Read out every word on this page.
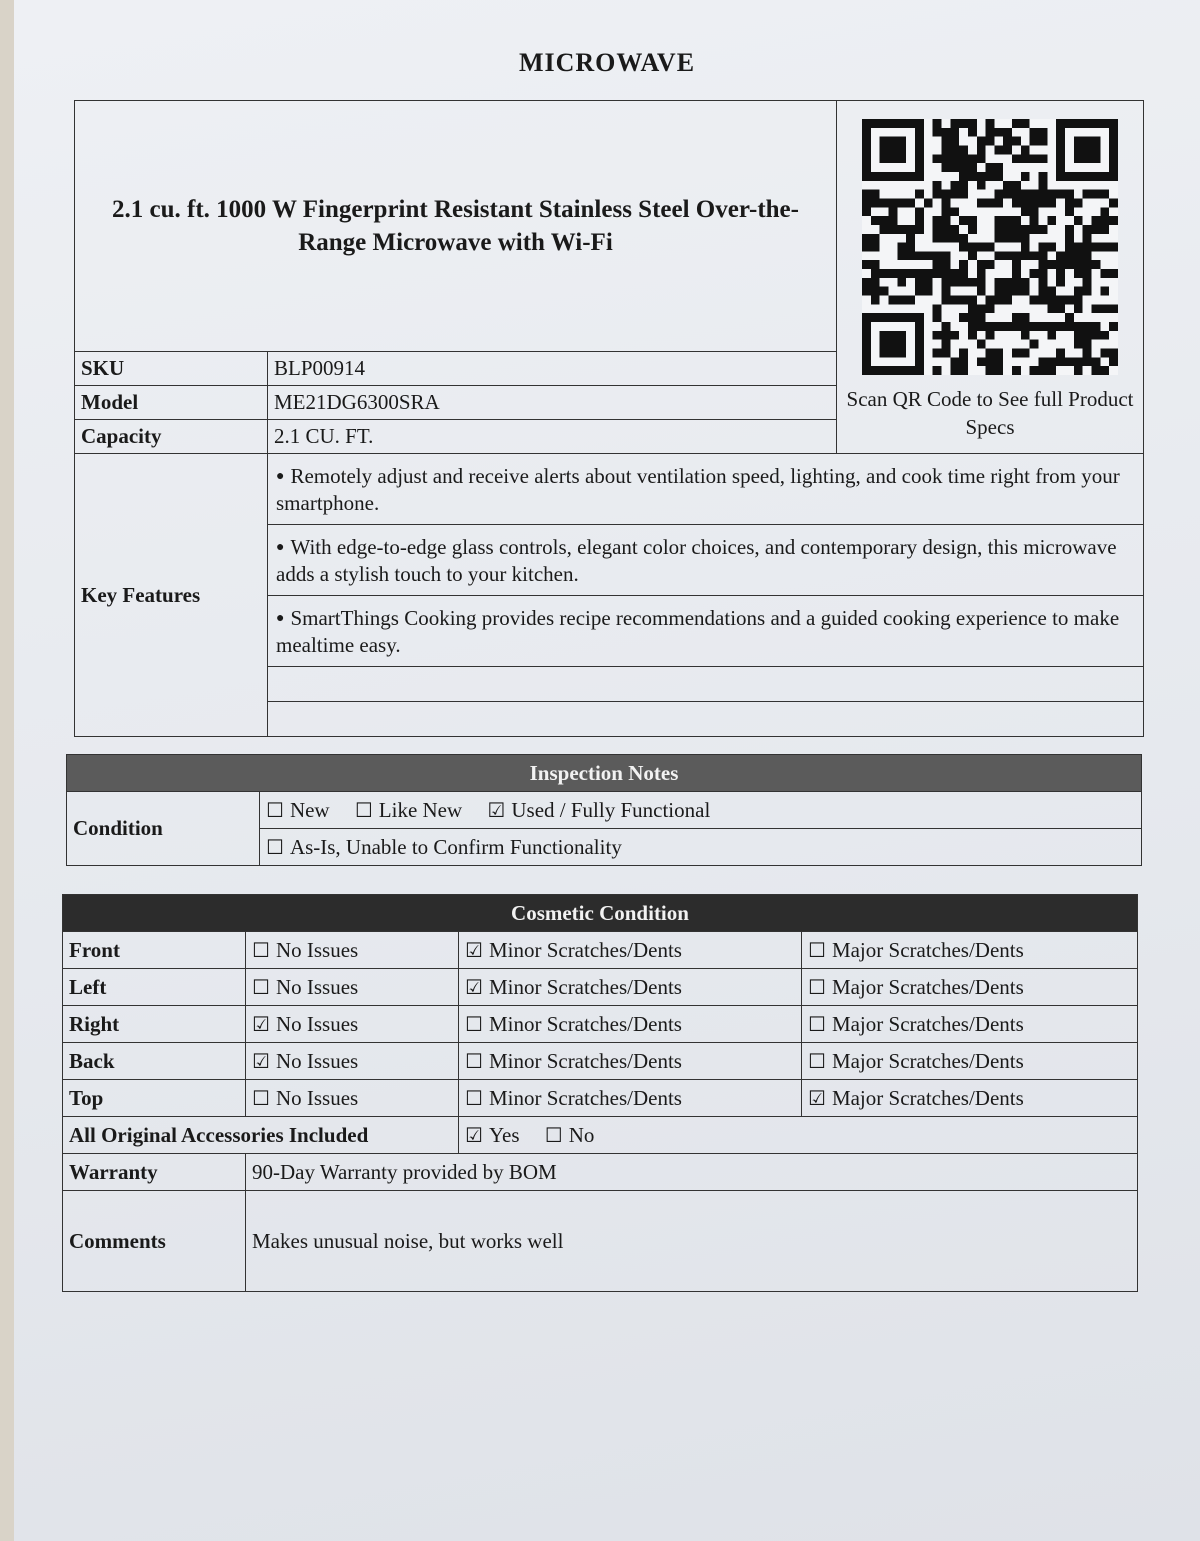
MICROWAVE
2.1 cu. ft. 1000 W Fingerprint Resistant Stainless Steel Over-the-Range Microwave with Wi-Fi		Scan QR Code to See full Product Specs

SKU	BLP00914	
Model	ME21DG6300SRA	
Capacity	2.1 CU. FT.	
Key Features	● Remotely adjust and receive alerts about ventilation speed, lighting, and cook time right from your smartphone.	
	● With edge-to-edge glass controls, elegant color choices, and contemporary design, this microwave adds a stylish touch to your kitchen.	
	● SmartThings Cooking provides recipe recommendations and a guided cooking experience to make mealtime easy.	

Inspection Notes
Condition	☐ New ☐ Like New ☑ Used / Fully Functional
☐ As-Is, Unable to Confirm Functionality
Cosmetic Condition			
Front	☐ No Issues	☑ Minor Scratches/Dents	☐ Major Scratches/Dents
Left	☐ No Issues	☑ Minor Scratches/Dents	☐ Major Scratches/Dents
Right	☑ No Issues	☐ Minor Scratches/Dents	☐ Major Scratches/Dents
Back	☑ No Issues	☐ Minor Scratches/Dents	☐ Major Scratches/Dents
Top	☐ No Issues	☐ Minor Scratches/Dents	☑ Major Scratches/Dents
All Original Accessories Included		☑ Yes ☐ No	
Warranty	90-Day Warranty provided by BOM		
Comments	Makes unusual noise, but works well		
